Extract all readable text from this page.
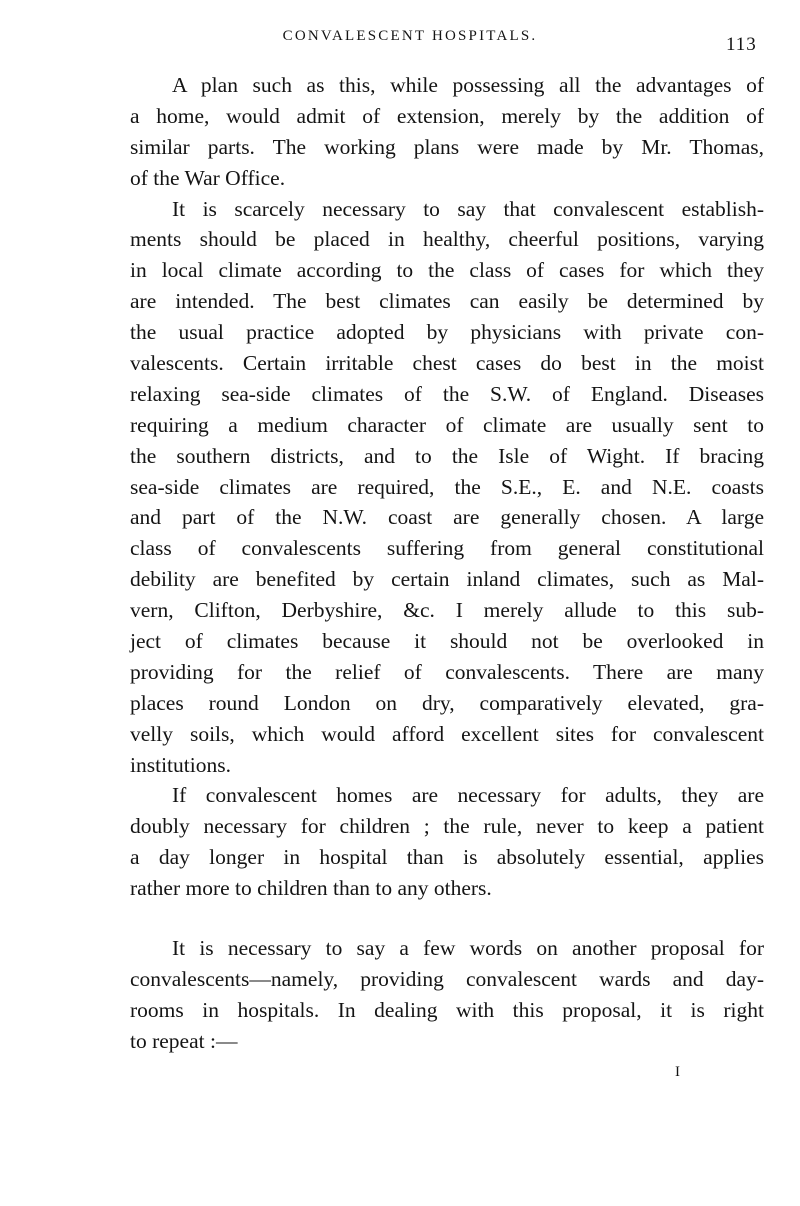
CONVALESCENT HOSPITALS.	113
A plan such as this, while possessing all the advantages of
a home, would admit of extension, merely by the addition of
similar parts. The working plans were made by Mr. Thomas,
of the War Office.
It is scarcely necessary to say that convalescent establish-
ments should be placed in healthy, cheerful positions, varying
in local climate according to the class of cases for which they
are intended. The best climates can easily be determined by
the usual practice adopted by physicians with private con-
valescents. Certain irritable chest cases do best in the moist
relaxing sea-side climates of the S.W. of England. Diseases
requiring a medium character of climate are usually sent to
the southern districts, and to the Isle of Wight. If bracing
sea-side climates are required, the S.E., E. and N.E. coasts
and part of the N.W. coast are generally chosen. A large
class of convalescents suffering from general constitutional
debility are benefited by certain inland climates, such as Mal-
vern, Clifton, Derbyshire, &c. I merely allude to this sub-
ject of climates because it should not be overlooked in
providing for the relief of convalescents. There are many
places round London on dry, comparatively elevated, gra-
velly soils, which would afford excellent sites for convalescent
institutions.
If convalescent homes are necessary for adults, they are
doubly necessary for children ; the rule, never to keep a patient
a day longer in hospital than is absolutely essential, applies
rather more to children than to any others.
It is necessary to say a few words on another proposal for
convalescents—namely, providing convalescent wards and day-
rooms in hospitals. In dealing with this proposal, it is right
to repeat :—
I
